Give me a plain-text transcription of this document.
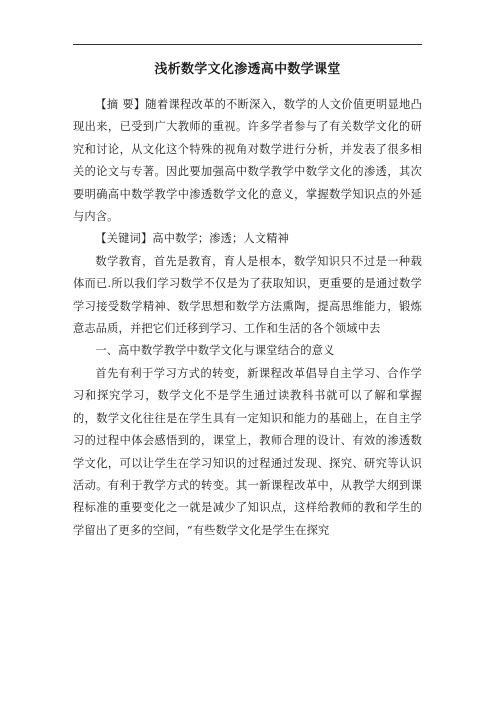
浅析数学文化渗透高中数学课堂

【摘 要】随着课程改革的不断深入，数学的人文价值更明显地凸现出来，已受到广大教师的重视。许多学者参与了有关数学文化的研究和讨论，从文化这个特殊的视角对数学进行分析，并发表了很多相关的论文与专著。因此要加强高中数学教学中数学文化的渗透，其次要明确高中数学教学中渗透数学文化的意义，掌握数学知识点的外延与内含。

【关键词】高中数学；渗透；人文精神

数学教育，首先是教育，育人是根本，数学知识只不过是一种载体而已.所以我们学习数学不仅是为了获取知识，更重要的是通过数学学习接受数学精神、数学思想和数学方法熏陶，提高思维能力，锻炼意志品质，并把它们迁移到学习、工作和生活的各个领域中去

一、高中数学教学中数学文化与课堂结合的意义

首先有利于学习方式的转变，新课程改革倡导自主学习、合作学习和探究学习，数学文化不是学生通过读教科书就可以了解和掌握的，数学文化往往是在学生具有一定知识和能力的基础上，在自主学习的过程中体会感悟到的，课堂上，教师合理的设计、有效的渗透数学文化，可以让学生在学习知识的过程通过发现、探究、研究等认识活动。有利于教学方式的转变。其一新课程改革中，从教学大纲到课程标准的重要变化之一就是减少了知识点，这样给教师的教和学生的学留出了更多的空间，“有些数学文化是学生在探究
